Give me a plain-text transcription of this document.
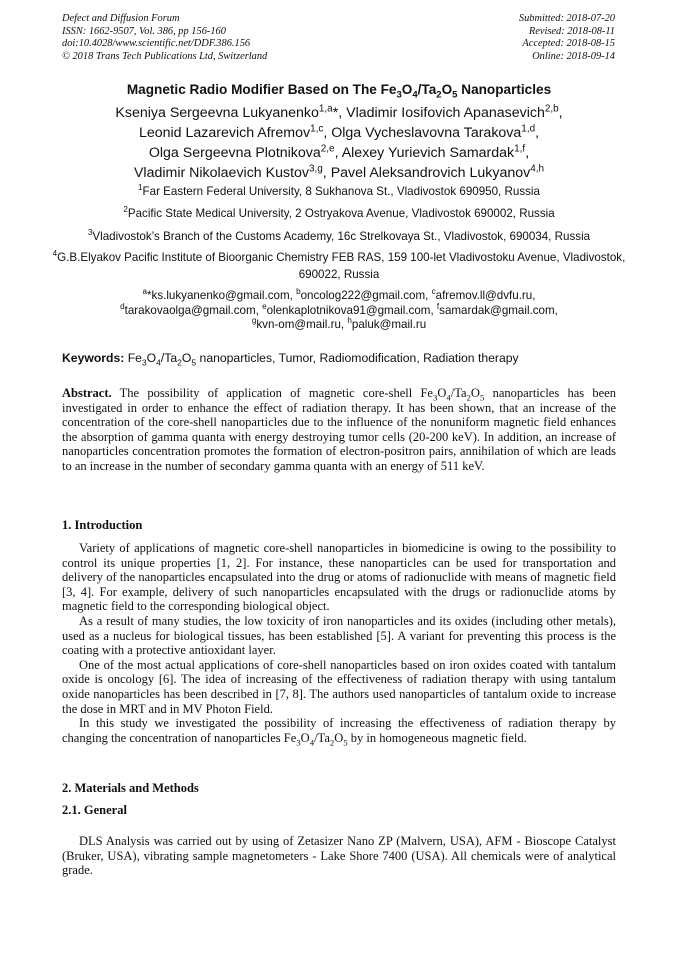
Defect and Diffusion Forum
ISSN: 1662-9507, Vol. 386, pp 156-160
doi:10.4028/www.scientific.net/DDF.386.156
© 2018 Trans Tech Publications Ltd, Switzerland
Submitted: 2018-07-20
Revised: 2018-08-11
Accepted: 2018-08-15
Online: 2018-09-14
Magnetic Radio Modifier Based on The $Fe_3O_4/Ta_2O_5$ Nanoparticles
Kseniya Sergeevna Lukyanenko$^{1,a}$*, Vladimir Iosifovich Apanasevich$^{2,b}$,
Leonid Lazarevich Afremov$^{1,c}$, Olga Vycheslavovna Tarakova$^{1,d}$,
Olga Sergeevna Plotnikova$^{2,e}$, Alexey Yurievich Samardak$^{1,f}$,
Vladimir Nikolaevich Kustov$^{3,g}$, Pavel Aleksandrovich Lukyanov$^{4,h}$
$^1$Far Eastern Federal University, 8 Sukhanova St., Vladivostok 690950, Russia
$^2$Pacific State Medical University, 2 Ostryakova Avenue, Vladivostok 690002, Russia
$^3$Vladivostok’s Branch of the Customs Academy, 16c Strelkovaya St., Vladivostok, 690034, Russia
$^4$G.B.Elyakov Pacific Institute of Bioorganic Chemistry FEB RAS, 159 100-let Vladivostoku Avenue, Vladivostok, 690022, Russia
$^a$*ks.lukyanenko@gmail.com, $^b$oncolog222@gmail.com, $^c$afremov.ll@dvfu.ru,
$^d$tarakovaolga@gmail.com, $^e$olenkaplotnikova91@gmail.com, $^f$samardak@gmail.com,
$^g$kvn-om@mail.ru, $^h$paluk@mail.ru
Keywords: $Fe_3O_4/Ta_2O_5$ nanoparticles, Tumor, Radiomodification, Radiation therapy

Abstract. The possibility of application of magnetic core-shell $Fe_3O_4/Ta_2O_5$ nanoparticles has been investigated in order to enhance the effect of radiation therapy. It has been shown, that an increase of the concentration of the core-shell nanoparticles due to the influence of the nonuniform magnetic field enhances the absorption of gamma quanta with energy destroying tumor cells (20-200 keV). In addition, an increase of nanoparticles concentration promotes the formation of electron-positron pairs, annihilation of which are leads to an increase in the number of secondary gamma quanta with an energy of 511 keV.

1. Introduction

Variety of applications of magnetic core-shell nanoparticles in biomedicine is owing to the possibility to control its unique properties [1, 2]. For instance, these nanoparticles can be used for transportation and delivery of the nanoparticles encapsulated into the drug or atoms of radionuclide with means of magnetic field [3, 4]. For example, delivery of such nanoparticles encapsulated with the drugs or radionuclide atoms by magnetic field to the corresponding biological object.

As a result of many studies, the low toxicity of iron nanoparticles and its oxides (including other metals), used as a nucleus for biological tissues, has been established [5]. A variant for preventing this process is the coating with a protective antioxidant layer.

One of the most actual applications of core-shell nanoparticles based on iron oxides coated with tantalum oxide is oncology [6]. The idea of increasing of the effectiveness of radiation therapy with using tantalum oxide nanoparticles has been described in [7, 8]. The authors used nanoparticles of tantalum oxide to increase the dose in MRT and in MV Photon Field.

In this study we investigated the possibility of increasing the effectiveness of radiation therapy by changing the concentration of nanoparticles $Fe_3O_4/Ta_2O_5$ by in homogeneous magnetic field.

2. Materials and Methods
2.1. General

DLS Analysis was carried out by using of Zetasizer Nano ZP (Malvern, USA), AFM - Bioscope Catalyst (Bruker, USA), vibrating sample magnetometers - Lake Shore 7400 (USA). All chemicals were of analytical grade.
